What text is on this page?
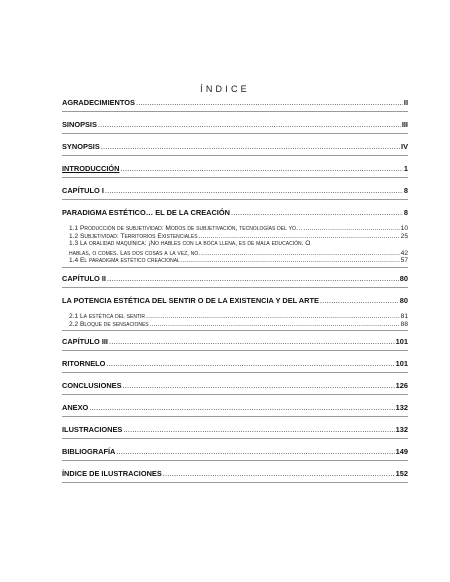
ÍNDICE
AGRADECIMIENTOS .....	II
SINOPSIS .....	III
SYNOPSIS .....	IV
INTRODUCCIÓN .....	1
CAPÍTULO I .....	8
PARADIGMA ESTÉTICO… EL DE LA CREACIÓN .....	8
1.1 Producción de subjetividad: Modos de subjetivación, tecnologías del yo… .....	10
1.2 Subjetividad: Territorios Existenciales .....	25
1.3 La oralidad maquínica: ¡No hables con la boca llena, es de mala educación. O
hablas, o comes. Las dos cosas a la vez, no. .....	42
1.4 El paradigma estético creacional .....	57
CAPÍTULO II .....	80
LA POTENCIA ESTÉTICA DEL SENTIR O DE LA EXISTENCIA Y DEL ARTE .....	80
2.1 La estética del sentir .....	81
2.2 Bloque de sensaciones .....	88
CAPÍTULO III .....	101
RITORNELO .....	101
CONCLUSIONES .....	126
ANEXO .....	132
ILUSTRACIONES .....	132
BIBLIOGRAFÍA .....	149
ÍNDICE DE ILUSTRACIONES .....	152
